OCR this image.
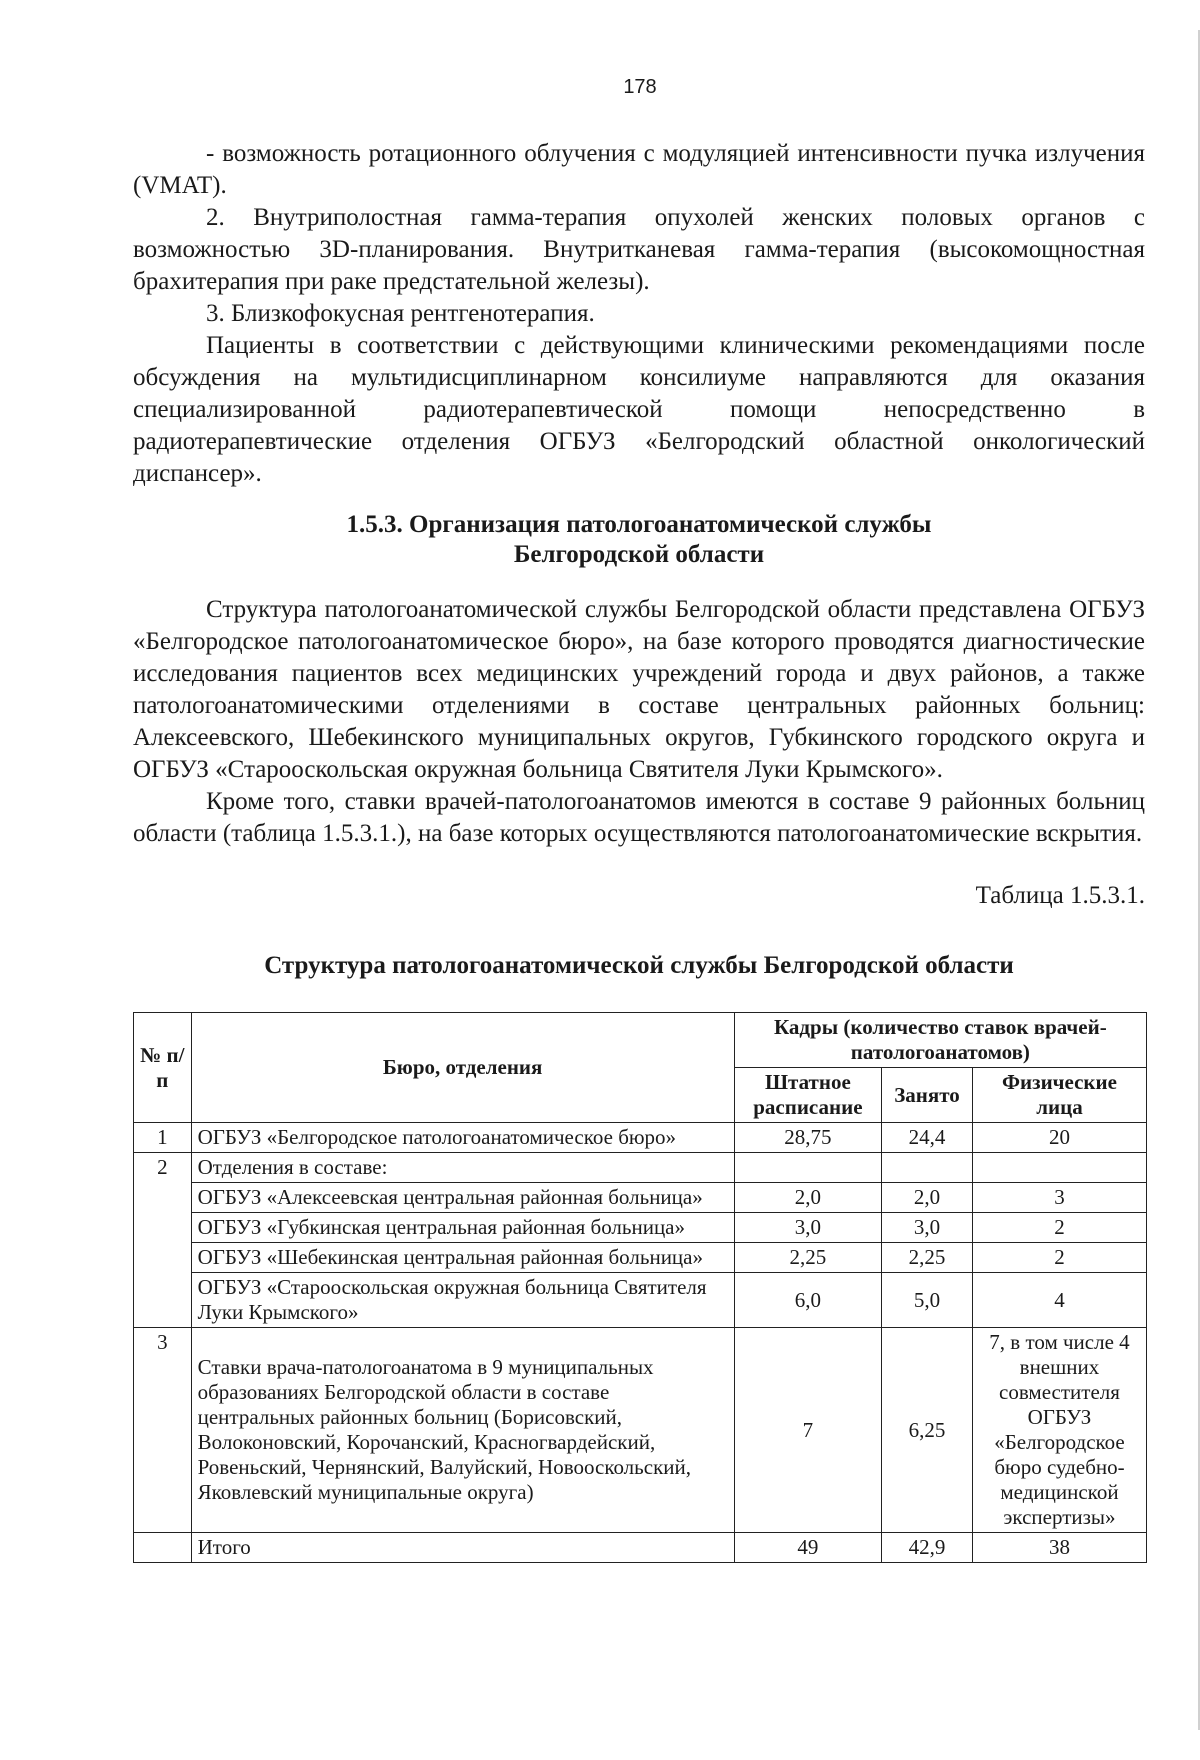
178

- возможность ротационного облучения с модуляцией интенсивности пучка излучения (VMAT).

2. Внутриполостная гамма-терапия опухолей женских половых органов с возможностью 3D-планирования. Внутритканевая гамма-терапия (высокомощностная брахитерапия при раке предстательной железы).

3. Близкофокусная рентгенотерапия.

Пациенты в соответствии с действующими клиническими рекомендациями после обсуждения на мультидисциплинарном консилиуме направляются для оказания специализированной радиотерапевтической помощи непосредственно в радиотерапевтические отделения ОГБУЗ «Белгородский областной онкологический диспансер».

1.5.3. Организация патологоанатомической службы
Белгородской области

Структура патологоанатомической службы Белгородской области представлена ОГБУЗ «Белгородское патологоанатомическое бюро», на базе которого проводятся диагностические исследования пациентов всех медицинских учреждений города и двух районов, а также патологоанатомическими отделениями в составе центральных районных больниц: Алексеевского, Шебекинского муниципальных округов, Губкинского городского округа и ОГБУЗ «Старооскольская окружная больница Святителя Луки Крымского».

Кроме того, ставки врачей-патологоанатомов имеются в составе 9 районных больниц области (таблица 1.5.3.1.), на базе которых осуществляются патологоанатомические вскрытия.

Таблица 1.5.3.1.
Структура патологоанатомической службы Белгородской области
№ п/п	Бюро, отделения	Кадры (количество ставок врачей-патологоанатомов)		
		Штатное расписание	Занято	Физические лица
1	ОГБУЗ «Белгородское патологоанатомическое бюро»	28,75	24,4	20
2	Отделения в составе:			
	ОГБУЗ «Алексеевская центральная районная больница»	2,0	2,0	3
	ОГБУЗ «Губкинская центральная районная больница»	3,0	3,0	2
	ОГБУЗ «Шебекинская центральная районная больница»	2,25	2,25	2
	ОГБУЗ «Старооскольская окружная больница Святителя Луки Крымского»	6,0	5,0	4
3	Ставки врача-патологоанатома в 9 муниципальных образованиях Белгородской области в составе центральных районных больниц (Борисовский, Волоконовский, Корочанский, Красногвардейский, Ровеньский, Чернянский, Валуйский, Новооскольский, Яковлевский муниципальные округа)	7	6,25	7, в том числе 4 внешних совместителя ОГБУЗ «Белгородское бюро судебно-медицинской экспертизы»
	Итого	49	42,9	38
